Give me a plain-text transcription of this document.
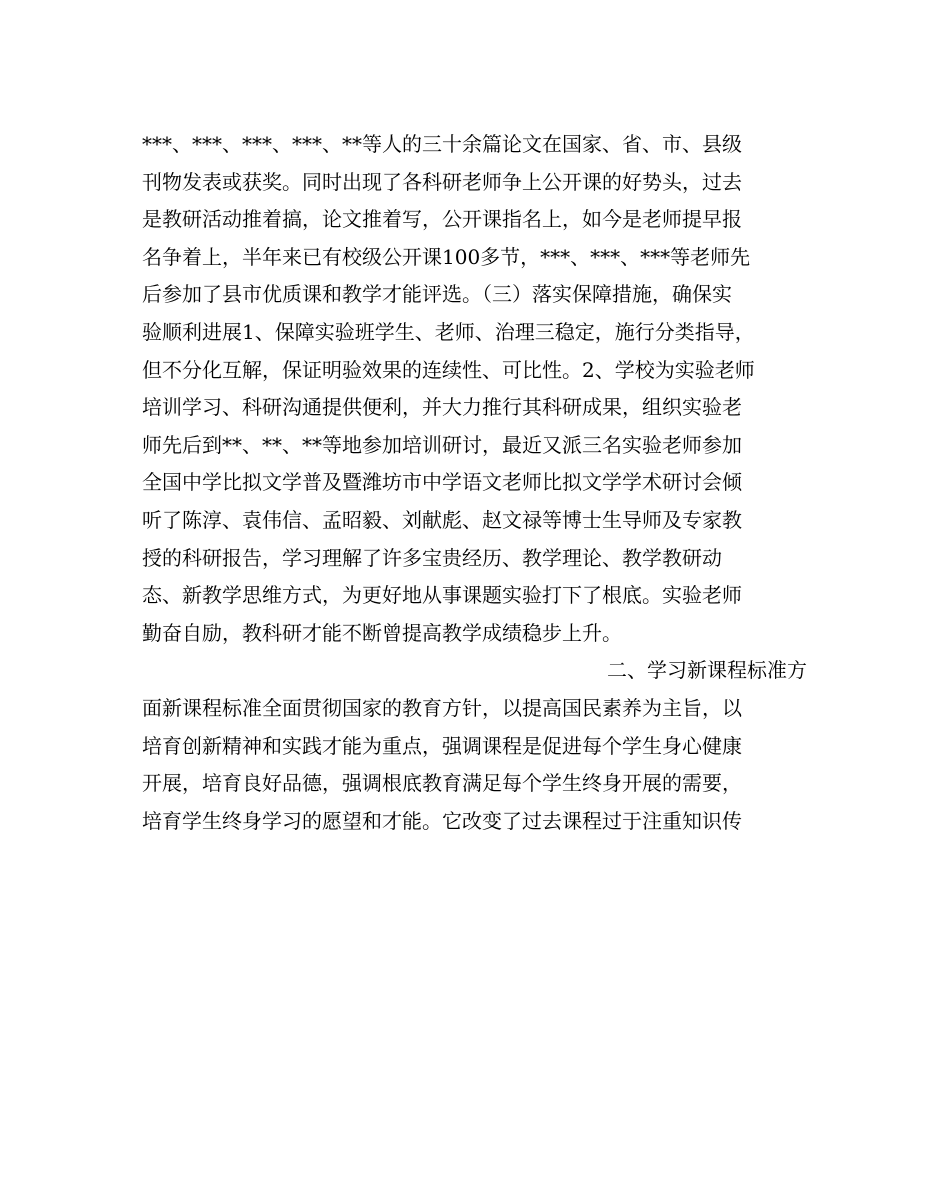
***、***、***、***、**等人的三十余篇论文在国家、省、市、县级
刊物发表或获奖。同时出现了各科研老师争上公开课的好势头，过去
是教研活动推着搞，论文推着写，公开课指名上，如今是老师提早报
名争着上，半年来已有校级公开课100多节，***、***、***等老师先
后参加了县市优质课和教学才能评选。（三）落实保障措施，确保实
验顺利进展1、保障实验班学生、老师、治理三稳定，施行分类指导，
但不分化互解，保证明验效果的连续性、可比性。2、学校为实验老师
培训学习、科研沟通提供便利，并大力推行其科研成果，组织实验老
师先后到**、**、**等地参加培训研讨，最近又派三名实验老师参加
全国中学比拟文学普及暨潍坊市中学语文老师比拟文学学术研讨会倾
听了陈淳、袁伟信、孟昭毅、刘献彪、赵文禄等博士生导师及专家教
授的科研报告，学习理解了许多宝贵经历、教学理论、教学教研动
态、新教学思维方式，为更好地从事课题实验打下了根底。实验老师
勤奋自励，教科研才能不断曾提高教学成绩稳步上升。
二、学习新课程标准方
面新课程标准全面贯彻国家的教育方针，以提高国民素养为主旨，以
培育创新精神和实践才能为重点，强调课程是促进每个学生身心健康
开展，培育良好品德，强调根底教育满足每个学生终身开展的需要，
培育学生终身学习的愿望和才能。它改变了过去课程过于注重知识传
